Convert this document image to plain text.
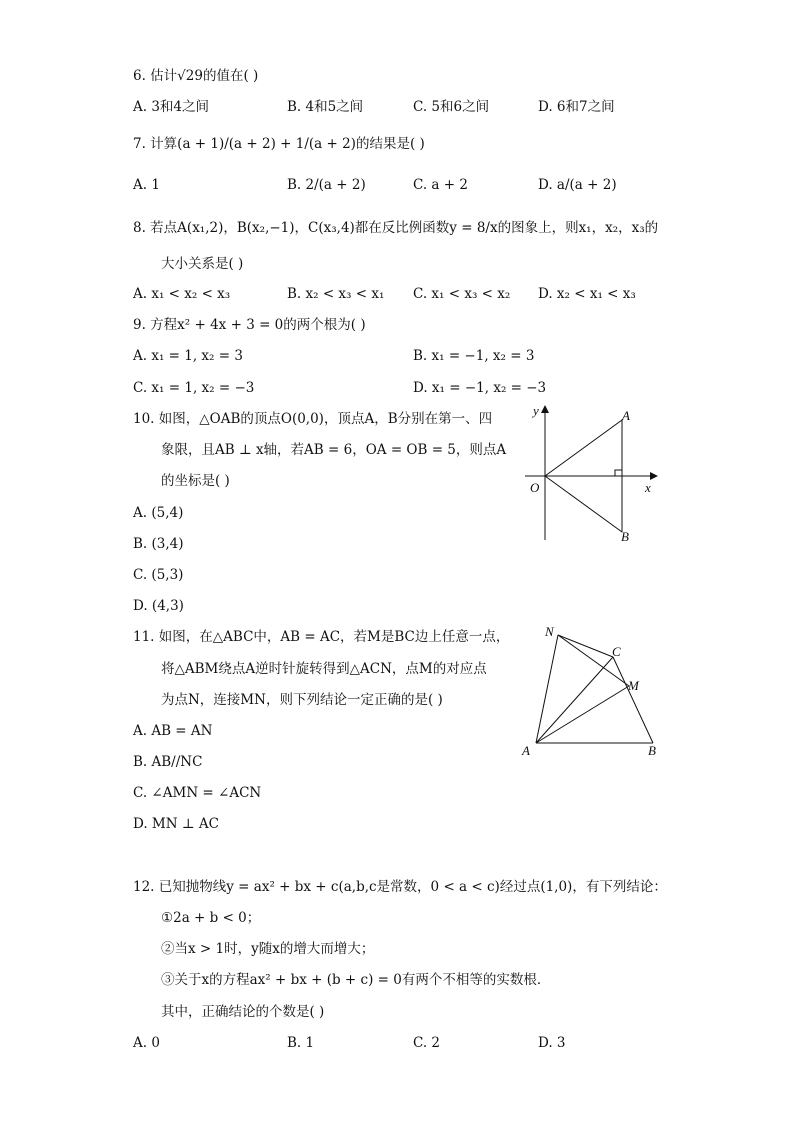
6. 估计√29的值在( )
A. 3和4之间	B. 4和5之间	C. 5和6之间	D. 6和7之间
7. 计算(a + 1)/(a + 2) + 1/(a + 2)的结果是( )
A. 1	B. 2/(a + 2)	C. a + 2	D. a/(a + 2)
8. 若点A(x₁,2)，B(x₂,−1)，C(x₃,4)都在反比例函数y = 8/x的图象上，则x₁，x₂，x₃的
大小关系是( )
A. x₁ < x₂ < x₃	B. x₂ < x₃ < x₁ C. x₁ < x₃ < x₂ D. x₂ < x₁ < x₃
9. 方程x² + 4x + 3 = 0的两个根为( )
A. x₁ = 1, x₂ = 3	B. x₁ = −1, x₂ = 3
C. x₁ = 1, x₂ = −3	D. x₁ = −1, x₂ = −3
10. 如图，△OAB的顶点O(0,0)，顶点A，B分别在第一、四
象限，且AB ⊥ x轴，若AB = 6，OA = OB = 5，则点A
的坐标是( )
A. (5,4)
B. (3,4)
C. (5,3)
D. (4,3)
y	A
O	x
B
11. 如图，在△ABC中，AB = AC，若M是BC边上任意一点，
将△ABM绕点A逆时针旋转得到△ACN，点M的对应点
为点N，连接MN，则下列结论一定正确的是( )
A. AB = AN
B. AB//NC
C. ∠AMN = ∠ACN
D. MN ⊥ AC
N
C
M
A	B
12. 已知抛物线y = ax² + bx + c(a,b,c是常数，0 < a < c)经过点(1,0)，有下列结论：
①2a + b < 0；
②当x > 1时，y随x的增大而增大；
③关于x的方程ax² + bx + (b + c) = 0有两个不相等的实数根．
其中，正确结论的个数是( )
A. 0	B. 1	C. 2	D. 3
